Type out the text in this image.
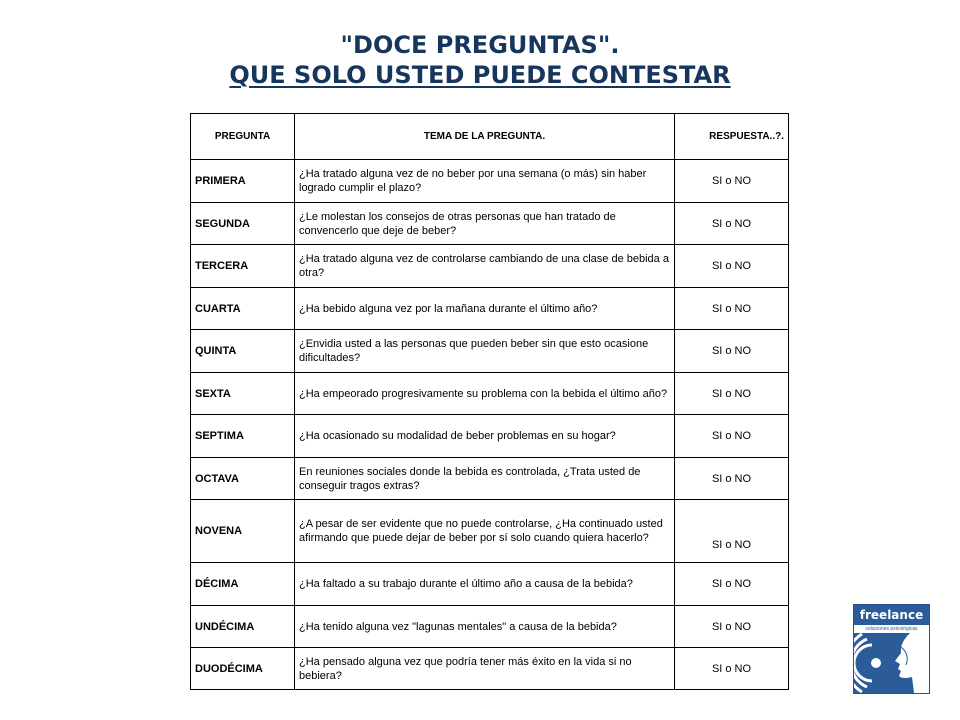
"DOCE PREGUNTAS".
QUE SOLO USTED PUEDE CONTESTAR
PREGUNTA	TEMA DE LA PREGUNTA.	RESPUESTA..?.
PRIMERA	¿Ha tratado alguna vez de no beber por una semana (o más) sin haber logrado cumplir el plazo?	SI o NO
SEGUNDA	¿Le molestan los consejos de otras personas que han tratado de convencerlo que deje de beber?	SI o NO
TERCERA	¿Ha tratado alguna vez de controlarse cambiando de una clase de bebida a otra?	SI o NO
CUARTA	¿Ha bebido alguna vez por la mañana durante el último año?	SI o NO
QUINTA	¿Envidia usted a las personas que pueden beber sin que esto ocasione dificultades?	SI o NO
SEXTA	¿Ha empeorado progresivamente su problema con la bebida el último año?	SI o NO
SEPTIMA	¿Ha ocasionado su modalidad de beber problemas en su hogar?	SI o NO
OCTAVA	En reuniones sociales donde la bebida es controlada, ¿Trata usted de conseguir tragos extras?	SI o NO
NOVENA	¿A pesar de ser evidente que no puede controlarse, ¿Ha continuado usted afirmando que puede dejar de beber por sí solo cuando quiera hacerlo?	SI o NO
DÉCIMA	¿Ha faltado a su trabajo durante el último año a causa de la bebida?	SI o NO
UNDÉCIMA	¿Ha tenido alguna vez "lagunas mentales" a causa de la bebida?	SI o NO
DUODÉCIMA	¿Ha pensado alguna vez que podría tener más éxito en la vida si no bebiera?	SI o NO
freelance
soluciones psicológicas
